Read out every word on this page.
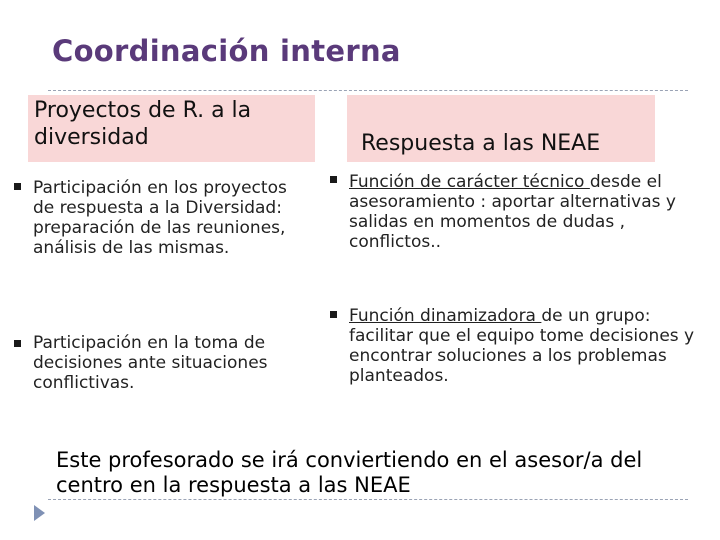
Coordinación interna
Proyectos de R. a la diversidad	Respuesta a las NEAE
Participación en los proyectos de respuesta a la Diversidad: preparación de las reuniones, análisis de las mismas.
Participación en la toma de decisiones ante situaciones conflictivas.
Función de carácter técnico desde el asesoramiento : aportar alternativas y salidas en momentos de dudas , conflictos..
Función dinamizadora de un grupo: facilitar que el equipo tome decisiones y encontrar soluciones a los problemas planteados.
Este profesorado se irá conviertiendo en el asesor/a del centro en la respuesta a las NEAE
